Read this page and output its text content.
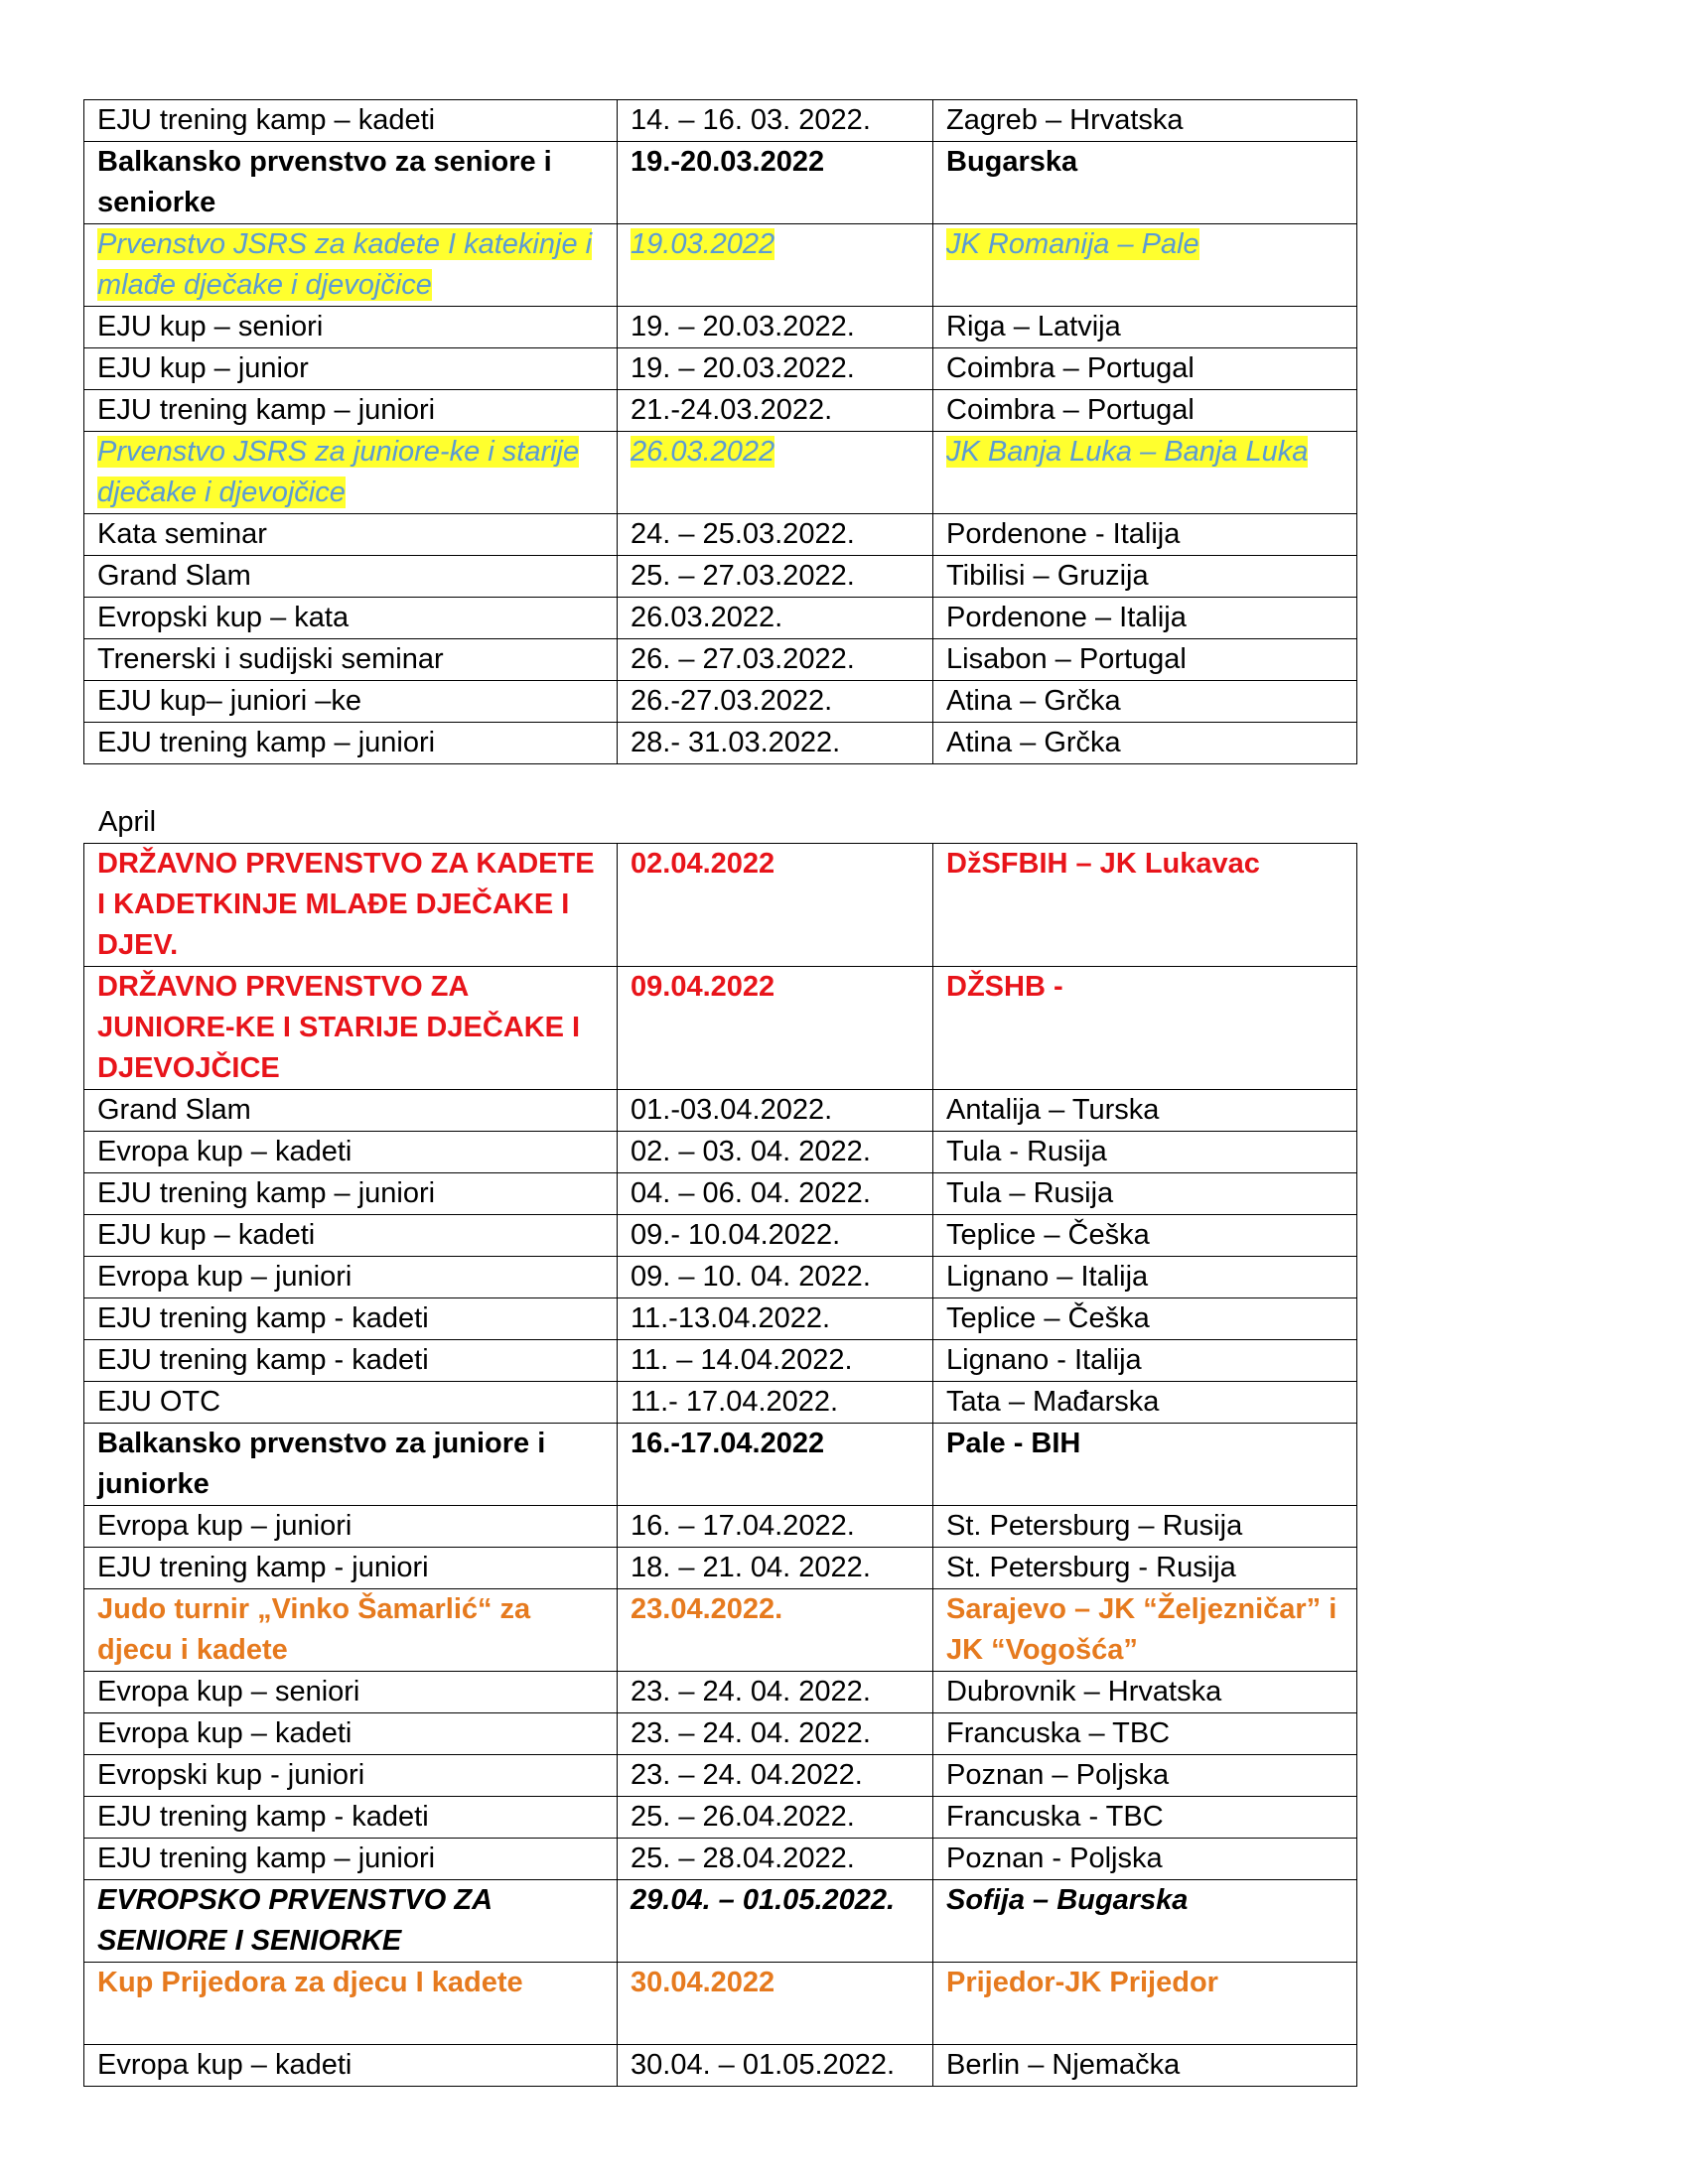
EJU trening kamp – kadeti	14. – 16. 03. 2022.	Zagreb – Hrvatska
Balkansko prvenstvo za seniore i seniorke	19.-20.03.2022	Bugarska
Prvenstvo JSRS za kadete I katekinje i mlađe dječake i djevojčice	19.03.2022	JK Romanija – Pale
EJU kup – seniori	19. – 20.03.2022.	Riga – Latvija
EJU kup – junior	19. – 20.03.2022.	Coimbra – Portugal
EJU trening kamp – juniori	21.-24.03.2022.	Coimbra – Portugal
Prvenstvo JSRS za juniore-ke i starije dječake i djevojčice	26.03.2022	JK Banja Luka – Banja Luka
Kata seminar	24. – 25.03.2022.	Pordenone - Italija
Grand Slam	25. – 27.03.2022.	Tibilisi – Gruzija
Evropski kup – kata	26.03.2022.	Pordenone – Italija
Trenerski i sudijski seminar	26. – 27.03.2022.	Lisabon – Portugal
EJU kup– juniori –ke	26.-27.03.2022.	Atina – Grčka
EJU trening kamp – juniori	28.- 31.03.2022.	Atina – Grčka
April
DRŽAVNO PRVENSTVO ZA KADETE I KADETKINJE MLAĐE DJEČAKE I DJEV.	02.04.2022	DžSFBIH – JK Lukavac
DRŽAVNO PRVENSTVO ZA JUNIORE-KE I STARIJE DJEČAKE I DJEVOJČICE	09.04.2022	DŽSHB -
Grand Slam	01.-03.04.2022.	Antalija – Turska
Evropa kup – kadeti	02. – 03. 04. 2022.	Tula - Rusija
EJU trening kamp – juniori	04. – 06. 04. 2022.	Tula – Rusija
EJU kup – kadeti	09.- 10.04.2022.	Teplice – Češka
Evropa kup – juniori	09. – 10. 04. 2022.	Lignano – Italija
EJU trening kamp - kadeti	11.-13.04.2022.	Teplice – Češka
EJU trening kamp - kadeti	11. – 14.04.2022.	Lignano - Italija
EJU OTC	11.- 17.04.2022.	Tata – Mađarska
Balkansko prvenstvo za juniore i juniorke	16.-17.04.2022	Pale - BIH
Evropa kup – juniori	16. – 17.04.2022.	St. Petersburg – Rusija
EJU trening kamp - juniori	18. – 21. 04. 2022.	St. Petersburg - Rusija
Judo turnir „Vinko Šamarlić“ za djecu i kadete	23.04.2022.	Sarajevo – JK “Željezničar” i JK “Vogošća”
Evropa kup – seniori	23. – 24. 04. 2022.	Dubrovnik – Hrvatska
Evropa kup – kadeti	23. – 24. 04. 2022.	Francuska – TBC
Evropski kup - juniori	23. – 24. 04.2022.	Poznan – Poljska
EJU trening kamp - kadeti	25. – 26.04.2022.	Francuska - TBC
EJU trening kamp – juniori	25. – 28.04.2022.	Poznan - Poljska
EVROPSKO PRVENSTVO ZA SENIORE I SENIORKE	29.04. – 01.05.2022.	Sofija – Bugarska
Kup Prijedora za djecu I kadete	30.04.2022	Prijedor-JK Prijedor
Evropa kup – kadeti	30.04. – 01.05.2022.	Berlin – Njemačka
